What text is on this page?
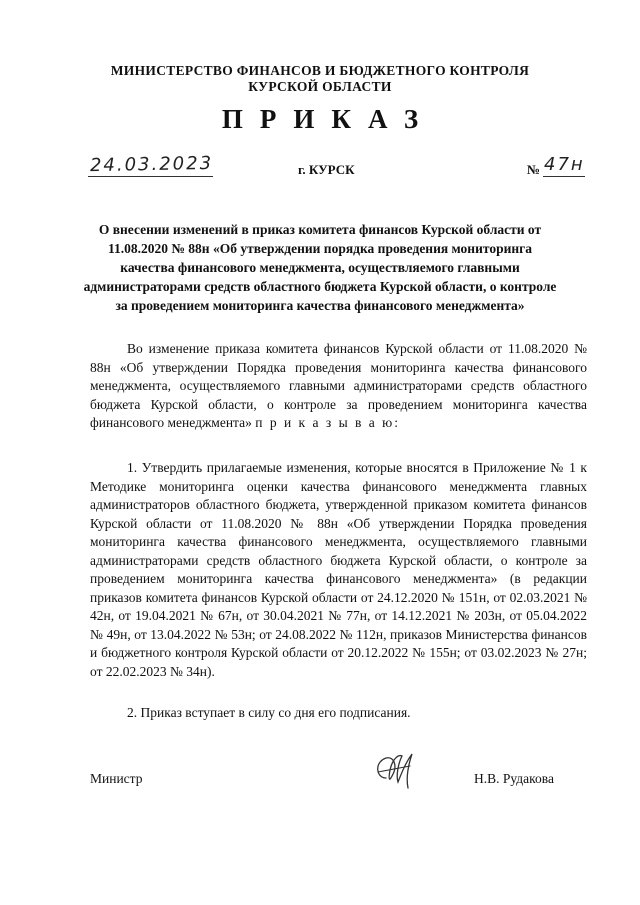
МИНИСТЕРСТВО ФИНАНСОВ И БЮДЖЕТНОГО КОНТРОЛЯ
КУРСКОЙ ОБЛАСТИ
ПРИКАЗ
24.03.2023	г. КУРСК	№ 47н
О внесении изменений в приказ комитета финансов Курской области от 11.08.2020 № 88н «Об утверждении порядка проведения мониторинга качества финансового менеджмента, осуществляемого главными администраторами средств областного бюджета Курской области, о контроле за проведением мониторинга качества финансового менеджмента»
Во изменение приказа комитета финансов Курской области от 11.08.2020 № 88н «Об утверждении Порядка проведения мониторинга качества финансового менеджмента, осуществляемого главными администраторами средств областного бюджета Курской области, о контроле за проведением мониторинга качества финансового менеджмента» п р и к а з ы в а ю:
1. Утвердить прилагаемые изменения, которые вносятся в Приложение № 1 к Методике мониторинга оценки качества финансового менеджмента главных администраторов областного бюджета, утвержденной приказом комитета финансов Курской области от 11.08.2020 № 88н «Об утверждении Порядка проведения мониторинга качества финансового менеджмента, осуществляемого главными администраторами средств областного бюджета Курской области, о контроле за проведением мониторинга качества финансового менеджмента» (в редакции приказов комитета финансов Курской области от 24.12.2020 № 151н, от 02.03.2021 № 42н, от 19.04.2021 № 67н, от 30.04.2021 № 77н, от 14.12.2021 № 203н, от 05.04.2022 № 49н, от 13.04.2022 № 53н; от 24.08.2022 № 112н, приказов Министерства финансов и бюджетного контроля Курской области от 20.12.2022 № 155н; от 03.02.2023 № 27н; от 22.02.2023 № 34н).
2. Приказ вступает в силу со дня его подписания.
Министр	Н.В. Рудакова
